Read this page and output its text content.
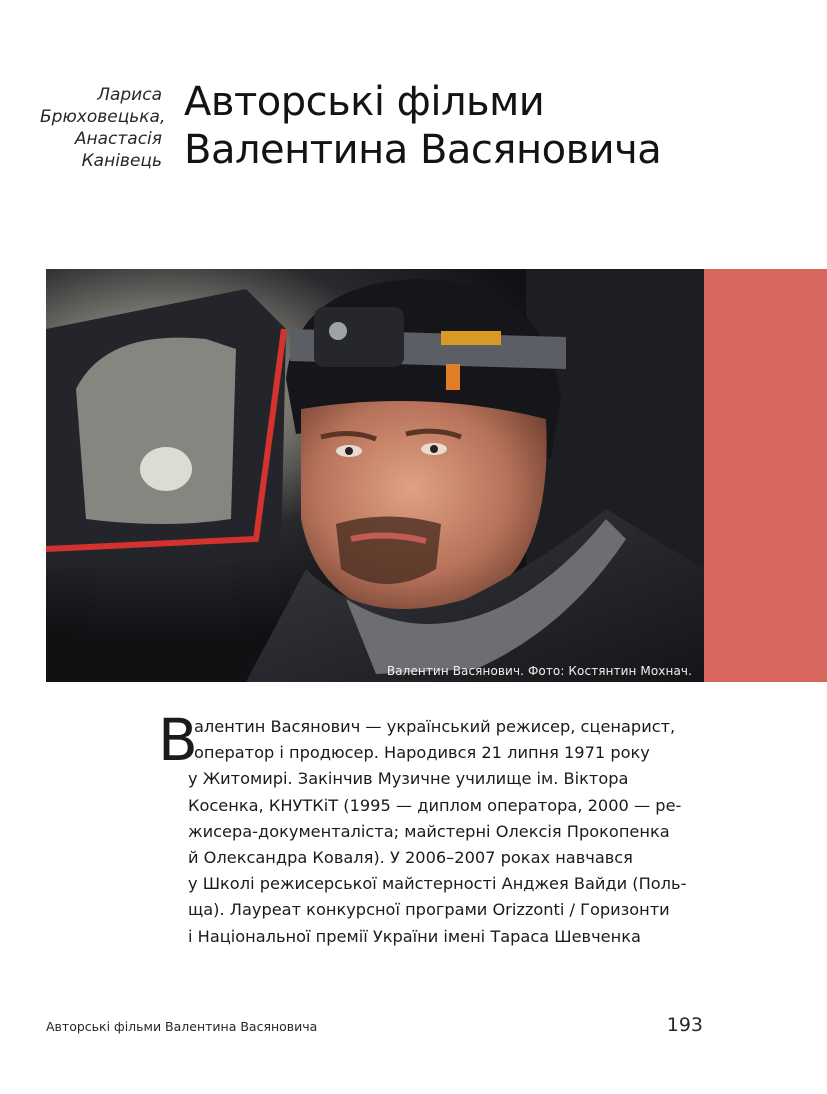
Лариса
Брюховецька,
Анастасія
Канівець
Авторські фільми
Валентина Васяновича
Валентин Васянович. Фото: Костянтин Мохнач.
В
алентин Васянович — український режисер, сценарист,
оператор і продюсер. Народився 21 липня 1971 року
у Житомирі. Закінчив Музичне училище ім. Віктора
Косенка, КНУТКіТ (1995 — диплом оператора, 2000 — ре-
жисера-документаліста; майстерні Олексія Прокопенка
й Олександра Коваля). У 2006–2007 роках навчався
у Школі режисерської майстерності Анджея Вайди (Поль-
ща). Лауреат конкурсної програми Orizzonti / Горизонти
і Національної премії України імені Тараса Шевченка
Авторські фільми Валентина Васяновича	193
